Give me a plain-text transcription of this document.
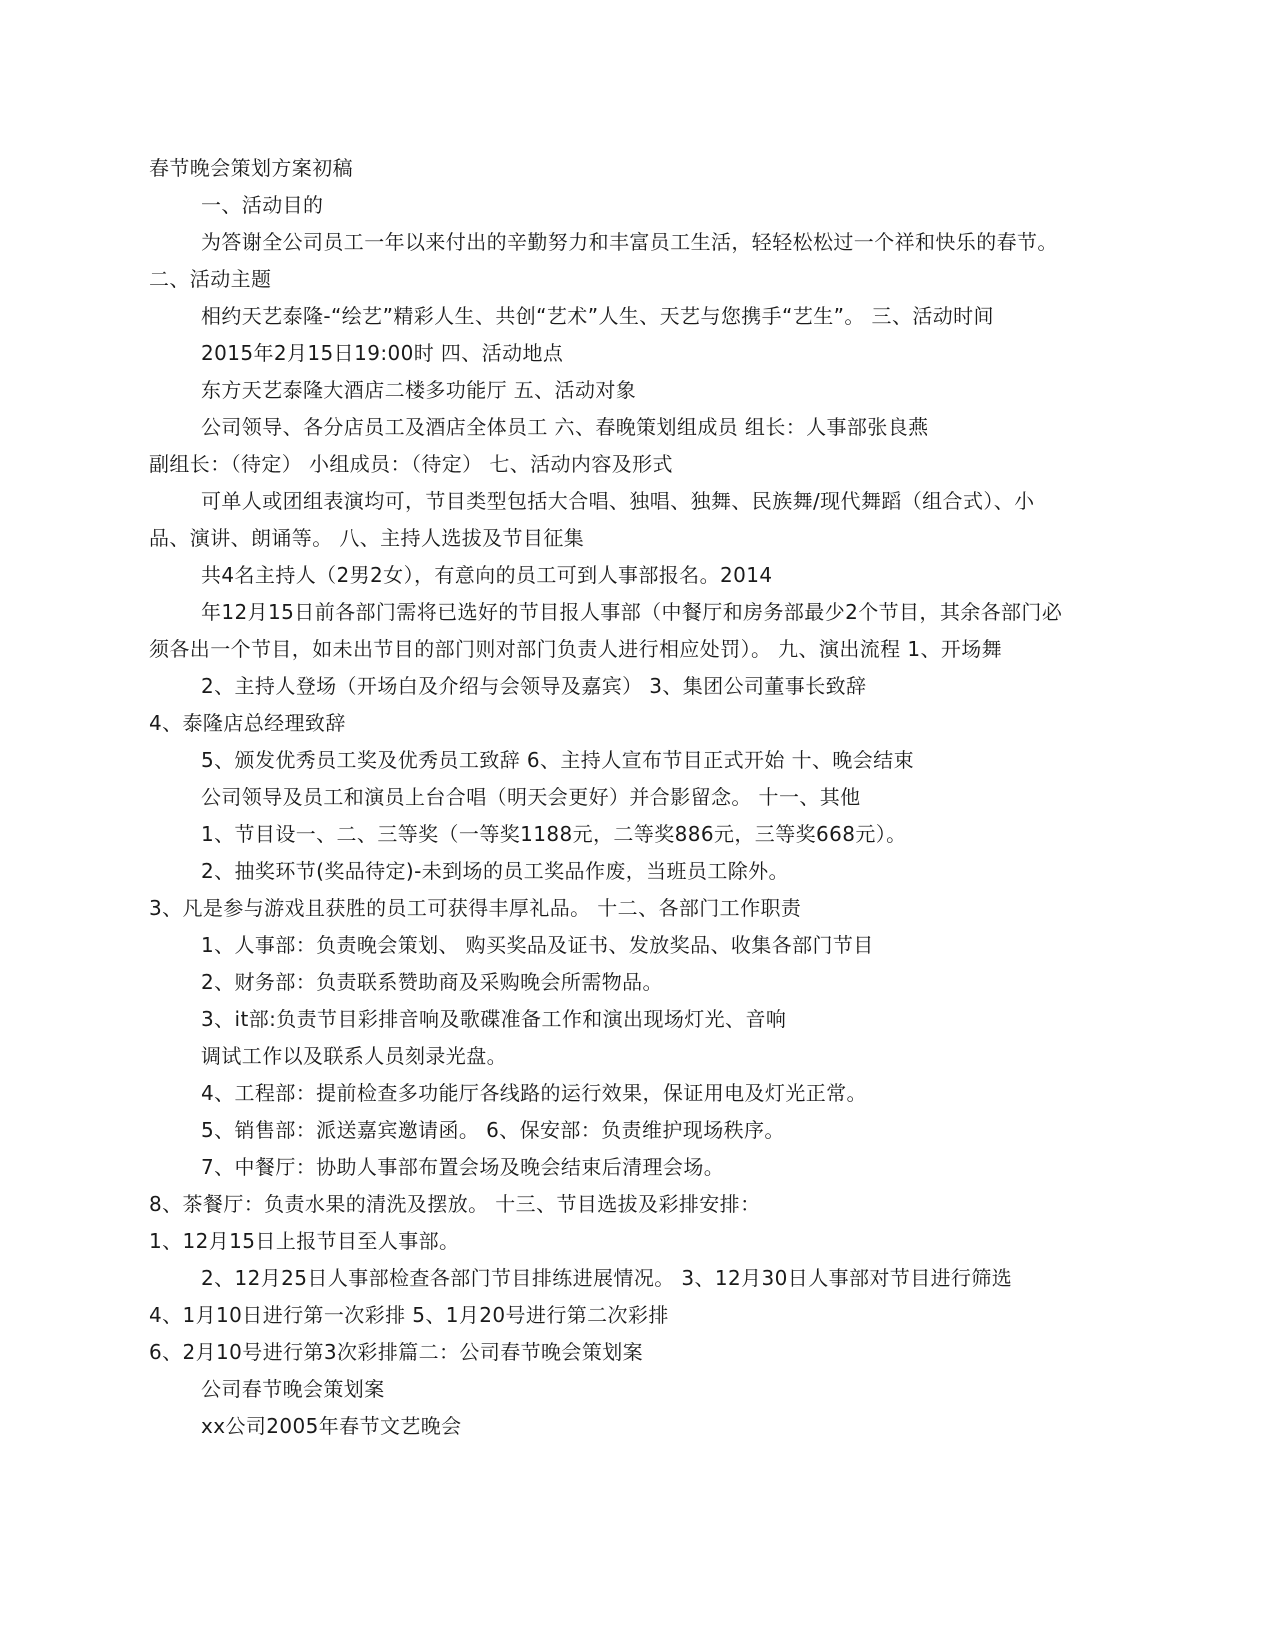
春节晚会策划方案初稿

一、活动目的

为答谢全公司员工一年以来付出的辛勤努力和丰富员工生活，轻轻松松过一个祥和快乐的春节。

二、活动主题

相约天艺泰隆-“绘艺”精彩人生、共创“艺术”人生、天艺与您携手“艺生”。 三、活动时间

2015年2月15日19:00时 四、活动地点

东方天艺泰隆大酒店二楼多功能厅 五、活动对象

公司领导、各分店员工及酒店全体员工 六、春晚策划组成员 组长：人事部张良燕

副组长：（待定） 小组成员：（待定） 七、活动内容及形式

可单人或团组表演均可，节目类型包括大合唱、独唱、独舞、民族舞/现代舞蹈（组合式）、小

品、演讲、朗诵等。 八、主持人选拔及节目征集

共4名主持人（2男2女），有意向的员工可到人事部报名。2014

年12月15日前各部门需将已选好的节目报人事部（中餐厅和房务部最少2个节目，其余各部门必

须各出一个节目，如未出节目的部门则对部门负责人进行相应处罚）。 九、演出流程 1、开场舞

2、主持人登场（开场白及介绍与会领导及嘉宾） 3、集团公司董事长致辞

4、泰隆店总经理致辞

5、颁发优秀员工奖及优秀员工致辞 6、主持人宣布节目正式开始 十、晚会结束

公司领导及员工和演员上台合唱（明天会更好）并合影留念。 十一、其他

1、节目设一、二、三等奖（一等奖1188元，二等奖886元，三等奖668元）。

2、抽奖环节(奖品待定)-未到场的员工奖品作废，当班员工除外。

3、凡是参与游戏且获胜的员工可获得丰厚礼品。 十二、各部门工作职责

1、人事部：负责晚会策划、 购买奖品及证书、发放奖品、收集各部门节目

2、财务部：负责联系赞助商及采购晚会所需物品。

3、it部:负责节目彩排音响及歌碟准备工作和演出现场灯光、音响

调试工作以及联系人员刻录光盘。

4、工程部：提前检查多功能厅各线路的运行效果，保证用电及灯光正常。

5、销售部：派送嘉宾邀请函。 6、保安部：负责维护现场秩序。

7、中餐厅：协助人事部布置会场及晚会结束后清理会场。

8、茶餐厅：负责水果的清洗及摆放。 十三、节目选拔及彩排安排：

1、12月15日上报节目至人事部。

2、12月25日人事部检查各部门节目排练进展情况。 3、12月30日人事部对节目进行筛选

4、1月10日进行第一次彩排 5、1月20号进行第二次彩排

6、2月10号进行第3次彩排篇二：公司春节晚会策划案

公司春节晚会策划案

xx公司2005年春节文艺晚会
